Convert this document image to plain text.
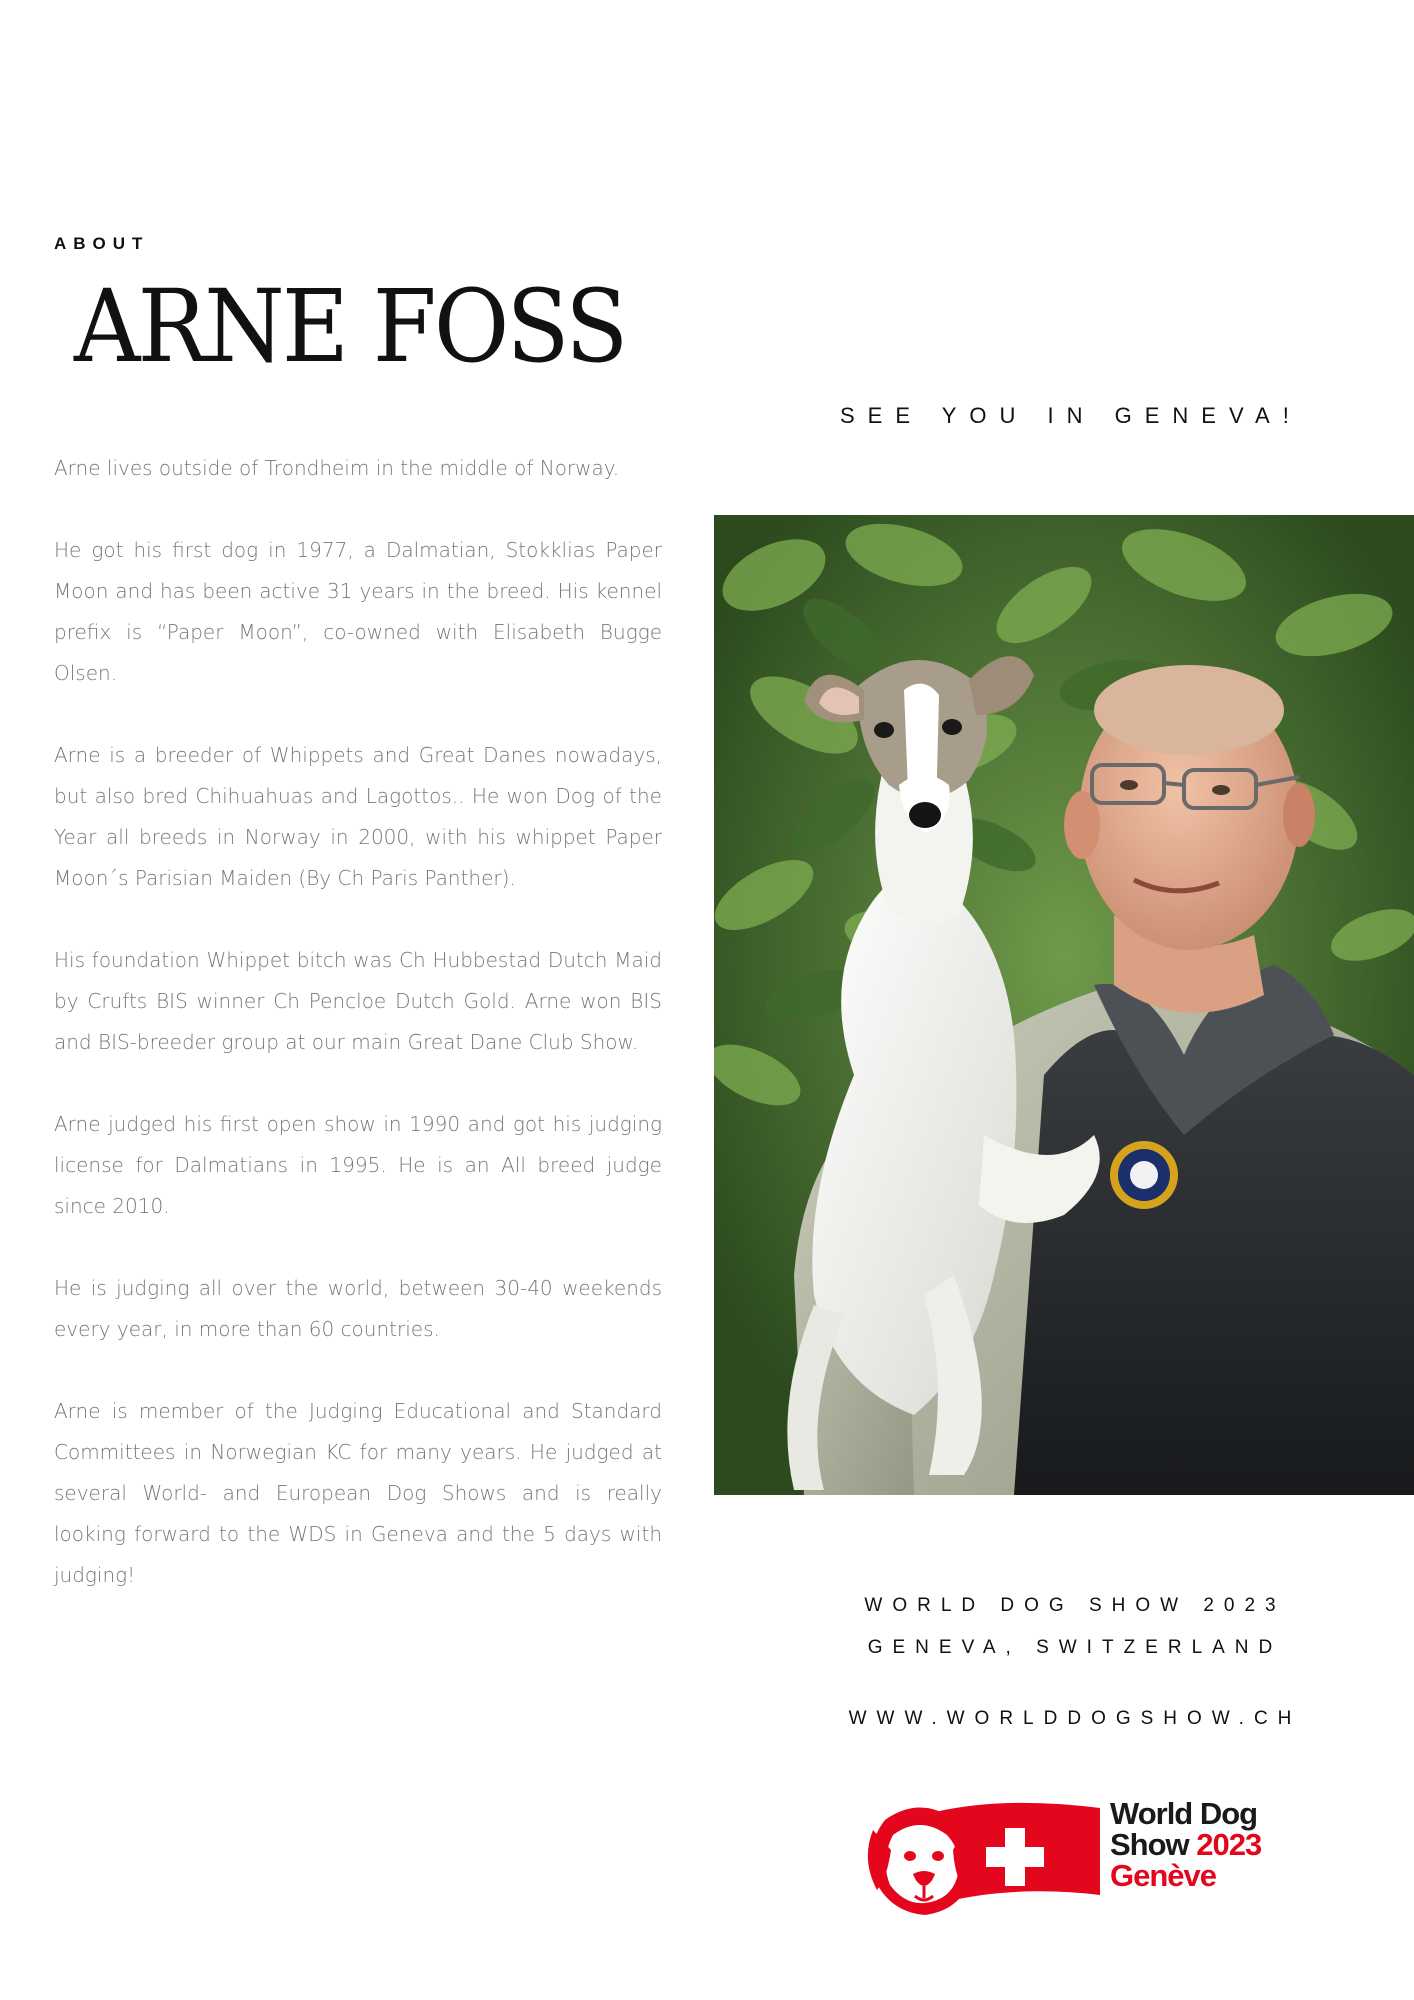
ABOUT
ARNE FOSS
SEE YOU IN GENEVA!

Arne lives outside of Trondheim in the middle of Norway.

He got his first dog in 1977, a Dalmatian, Stokklias Paper Moon and has been active 31 years in the breed. His kennel prefix is “Paper Moon”, co-owned with Elisabeth Bugge Olsen.

Arne is a breeder of Whippets and Great Danes nowadays, but also bred Chihuahuas and Lagottos.. He won Dog of the Year all breeds in Norway in 2000, with his whippet Paper Moon´s Parisian Maiden (By Ch Paris Panther).

His foundation Whippet bitch was Ch Hubbestad Dutch Maid by Crufts BIS winner Ch Pencloe Dutch Gold. Arne won BIS and BIS-breeder group at our main Great Dane Club Show.

Arne judged his first open show in 1990 and got his judging license for Dalmatians in 1995. He is an All breed judge since 2010.

He is judging all over the world, between 30-40 weekends every year, in more than 60 countries.

Arne is member of the Judging Educational and Standard Committees in Norwegian KC for many years. He judged at several World- and European Dog Shows and is really looking forward to the WDS in Geneva and the 5 days with judging!

WORLD DOG SHOW 2023
GENEVA, SWITZERLAND
WWW.WORLDDOGSHOW.CH
World Dog
Show 2023
Genève
